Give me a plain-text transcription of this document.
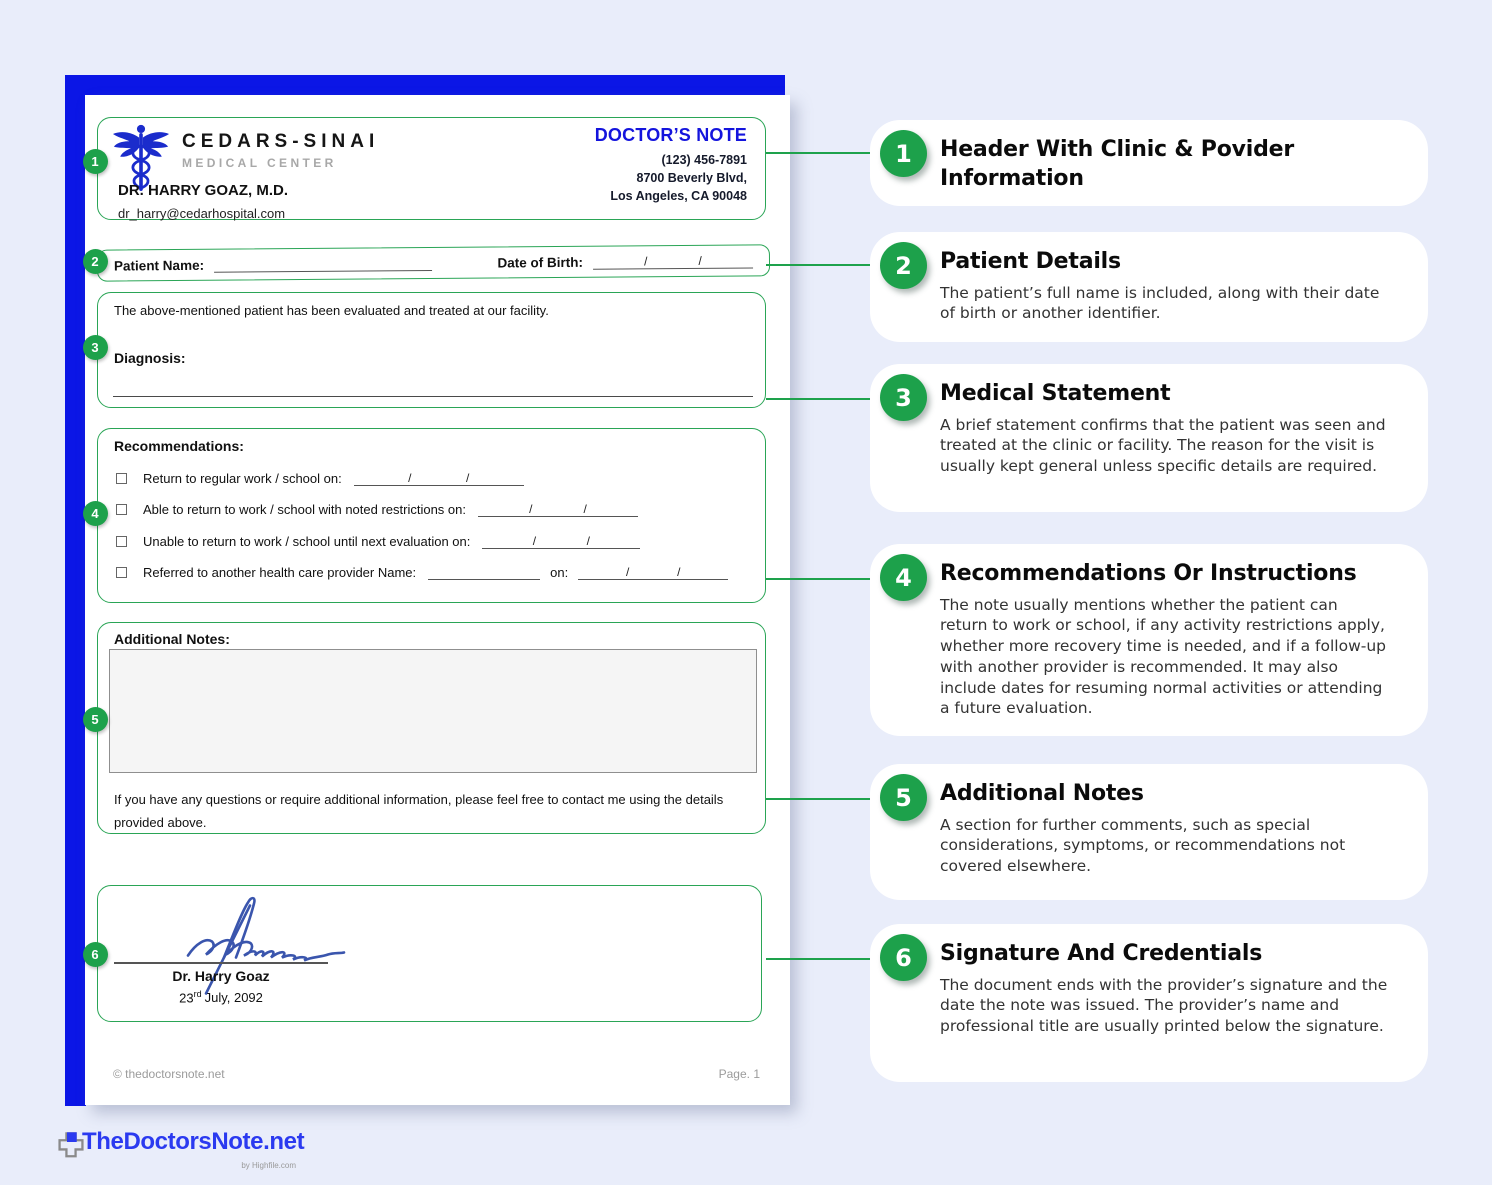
CEDARS-SINAI
MEDICAL CENTER
DR. HARRY GOAZ, M.D.
dr_harry@cedarhospital.com
DOCTOR’S NOTE
(123) 456-7891
8700 Beverly Blvd,
Los Angeles, CA 90048
Patient Name:	Date of Birth:	/	/
The above-mentioned patient has been evaluated and treated at our facility.
Diagnosis:
Recommendations:
Return to regular work / school on:	/	/
Able to return to work / school with noted restrictions on:	/	/
Unable to return to work / school until next evaluation on:	/	/
Referred to another health care provider Name:	on:	/	/
Additional Notes:
If you have any questions or require additional information, please feel free to contact me using the details provided above.
Dr. Harry Goaz
23rd July, 2092
© thedoctorsnote.net	Page. 1
1
2
3
4
5
6
1	Header With Clinic & Povider Information
2	Patient Details

The patient’s full name is included, along with their date of birth or another identifier.

3	Medical Statement

A brief statement confirms that the patient was seen and treated at the clinic or facility. The reason for the visit is usually kept general unless specific details are required.

4	Recommendations Or Instructions

The note usually mentions whether the patient can return to work or school, if any activity restrictions apply, whether more recovery time is needed, and if a follow-up with another provider is recommended. It may also include dates for resuming normal activities or attending a future evaluation.

5	Additional Notes

A section for further comments, such as special considerations, symptoms, or recommendations not covered elsewhere.

6	Signature And Credentials

The document ends with the provider’s signature and the date the note was issued. The provider’s name and professional title are usually printed below the signature.

TheDoctorsNote.net
by Highfile.com
